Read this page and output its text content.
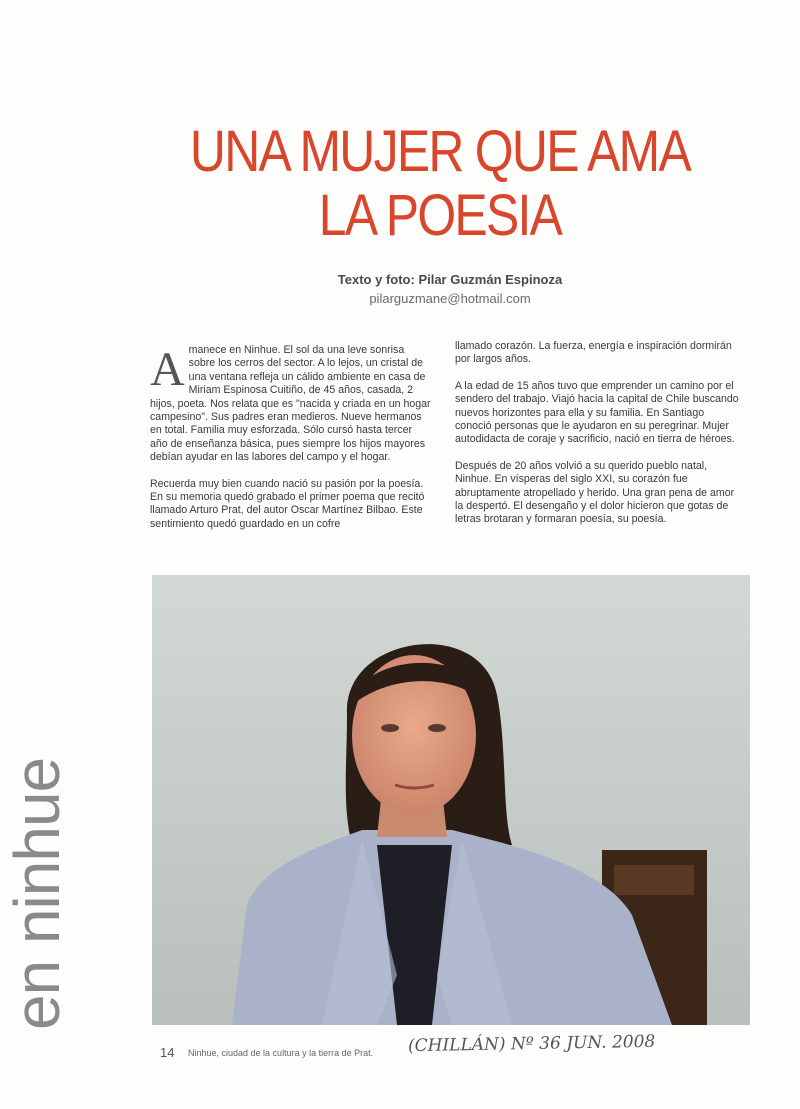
UNA MUJER QUE AMA
LA POESIA
Texto y foto: Pilar Guzmán Espinoza
pilarguzmane@hotmail.com

Amanece en Ninhue. El sol da una leve sonrisa sobre los cerros del sector. A lo lejos, un cristal de una ventana refleja un cálido ambiente en casa de Miriam Espinosa Cuitiño, de 45 años, casada, 2 hijos, poeta. Nos relata que es "nacida y criada en un hogar campesino". Sus padres eran medieros. Nueve hermanos en total. Familia muy esforzada. Sólo cursó hasta tercer año de enseñanza básica, pues siempre los hijos mayores debían ayudar en las labores del campo y el hogar.

Recuerda muy bien cuando nació su pasión por la poesía. En su memoria quedó grabado el primer poema que recitó llamado Arturo Prat, del autor Oscar Martínez Bilbao. Este sentimiento quedó guardado en un cofre

llamado corazón. La fuerza, energía e inspiración dormirán por largos años.

A la edad de 15 años tuvo que emprender un camino por el sendero del trabajo. Viajó hacia la capital de Chile buscando nuevos horizontes para ella y su familia. En Santiago conoció personas que le ayudaron en su peregrinar. Mujer autodidacta de coraje y sacrificio, nació en tierra de héroes.

Después de 20 años volvió a su querido pueblo natal, Ninhue. En vísperas del siglo XXI, su corazón fue abruptamente atropellado y herido. Una gran pena de amor la despertó. El desengaño y el dolor hicieron que gotas de letras brotaran y formaran poesía, su poesía.

en ninhue
14 Ninhue, ciudad de la cultura y la tierra de Prat. (CHILLÁN) Nº 36 JUN. 2008
